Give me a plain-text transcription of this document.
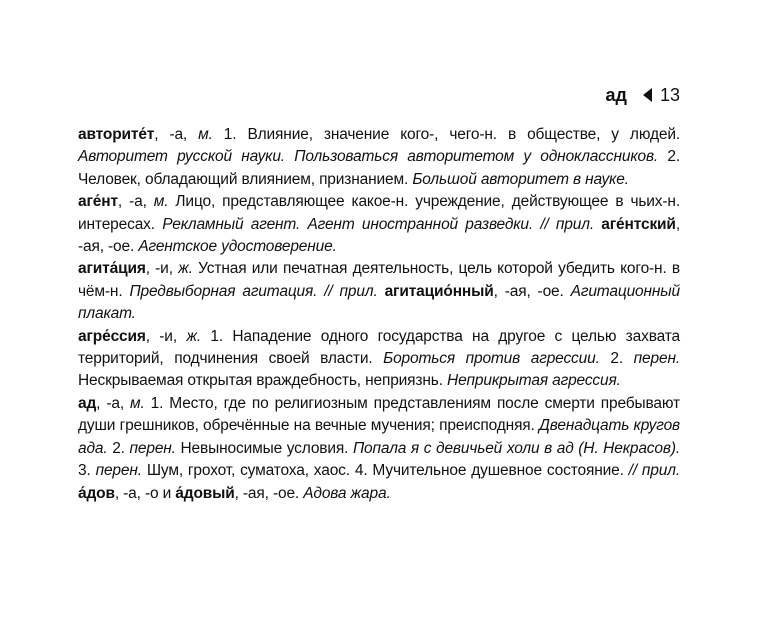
ад 13

авторите́т, -а, м. 1. Влияние, значение кого-, чего-н. в обществе, у людей. Авторитет русской науки. Пользоваться авторитетом у одноклассников. 2. Человек, обладающий влиянием, признанием. Большой авторитет в науке.

аге́нт, -а, м. Лицо, представляющее какое-н. учреждение, действующее в чьих-н. интересах. Рекламный агент. Агент иностранной разведки. // прил. аге́нтский, -ая, -ое. Агентское удостоверение.

агита́ция, -и, ж. Устная или печатная деятельность, цель которой убедить кого-н. в чём-н. Предвыборная агитация. // прил. агитацио́нный, -ая, -ое. Агитационный плакат.

агре́ссия, -и, ж. 1. Нападение одного государства на другое с целью захвата территорий, подчинения своей власти. Бороться против агрессии. 2. перен. Нескрываемая открытая враждебность, неприязнь. Неприкрытая агрессия.

ад, -а, м. 1. Место, где по религиозным представлениям после смерти пребывают души грешников, обречённые на вечные мучения; преисподняя. Двенадцать кругов ада. 2. перен. Невыносимые условия. Попала я с девичьей холи в ад (Н. Некрасов). 3. перен. Шум, грохот, суматоха, хаос. 4. Мучительное душевное состояние. // прил. а́дов, -а, -о и а́довый, -ая, -ое. Адова жара.
